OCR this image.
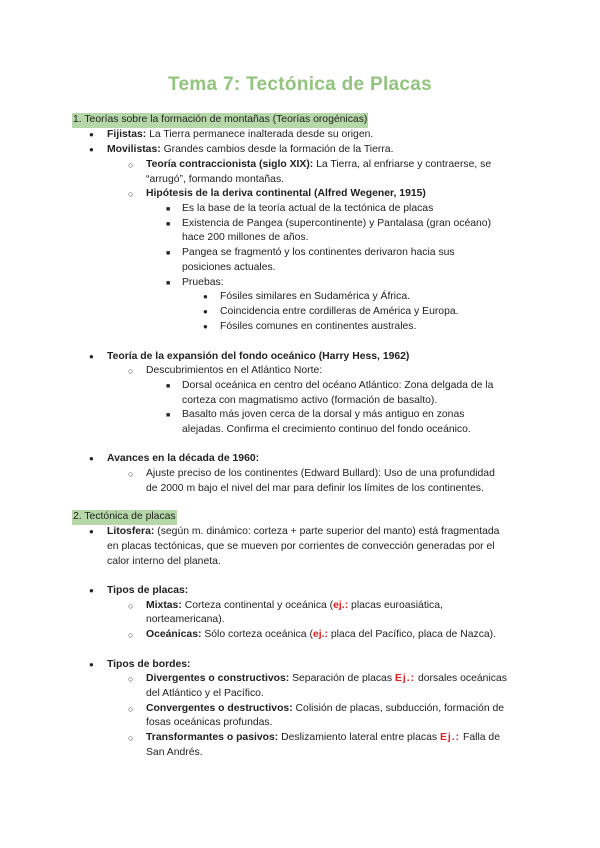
Tema 7: Tectónica de Placas
1. Teorías sobre la formación de montañas (Teorías orogénicas)
●
Fijistas: La Tierra permanece inalterada desde su origen.
●
Movilistas: Grandes cambios desde la formación de la Tierra.
○
Teoría contraccionista (siglo XIX): La Tierra, al enfriarse y contraerse, se
“arrugó”, formando montañas.
○
Hipótesis de la deriva continental (Alfred Wegener, 1915)
■
Es la base de la teoría actual de la tectónica de placas
■
Existencia de Pangea (supercontinente) y Pantalasa (gran océano)
hace 200 millones de años.
■
Pangea se fragmentó y los continentes derivaron hacia sus
posiciones actuales.
■
Pruebas:
●
Fósiles similares en Sudamérica y África.
●
Coincidencia entre cordilleras de América y Europa.
●
Fósiles comunes en continentes australes.
●
Teoría de la expansión del fondo oceánico (Harry Hess, 1962)
○
Descubrimientos en el Atlántico Norte:
■
Dorsal oceánica en centro del océano Atlántico: Zona delgada de la
corteza con magmatismo activo (formación de basalto).
■
Basalto más joven cerca de la dorsal y más antiguo en zonas
alejadas. Confirma el crecimiento continuo del fondo oceánico.
●
Avances en la década de 1960:
○
Ajuste preciso de los continentes (Edward Bullard): Uso de una profundidad
de 2000 m bajo el nivel del mar para definir los límites de los continentes.
2. Tectónica de placas
●
Litosfera: (según m. dinámico: corteza + parte superior del manto) está fragmentada
en placas tectónicas, que se mueven por corrientes de convección generadas por el
calor interno del planeta.
●
Tipos de placas:
○
Mixtas: Corteza continental y oceánica (ej.: placas euroasiática,
norteamericana).
○
Oceánicas: Sólo corteza oceánica (ej.: placa del Pacífico, placa de Nazca).
●
Tipos de bordes:
○
Divergentes o constructivos: Separación de placas Ej.: dorsales oceánicas
del Atlántico y el Pacífico.
○
Convergentes o destructivos: Colisión de placas, subducción, formación de
fosas oceánicas profundas.
○
Transformantes o pasivos: Deslizamiento lateral entre placas Ej.: Falla de
San Andrés.
